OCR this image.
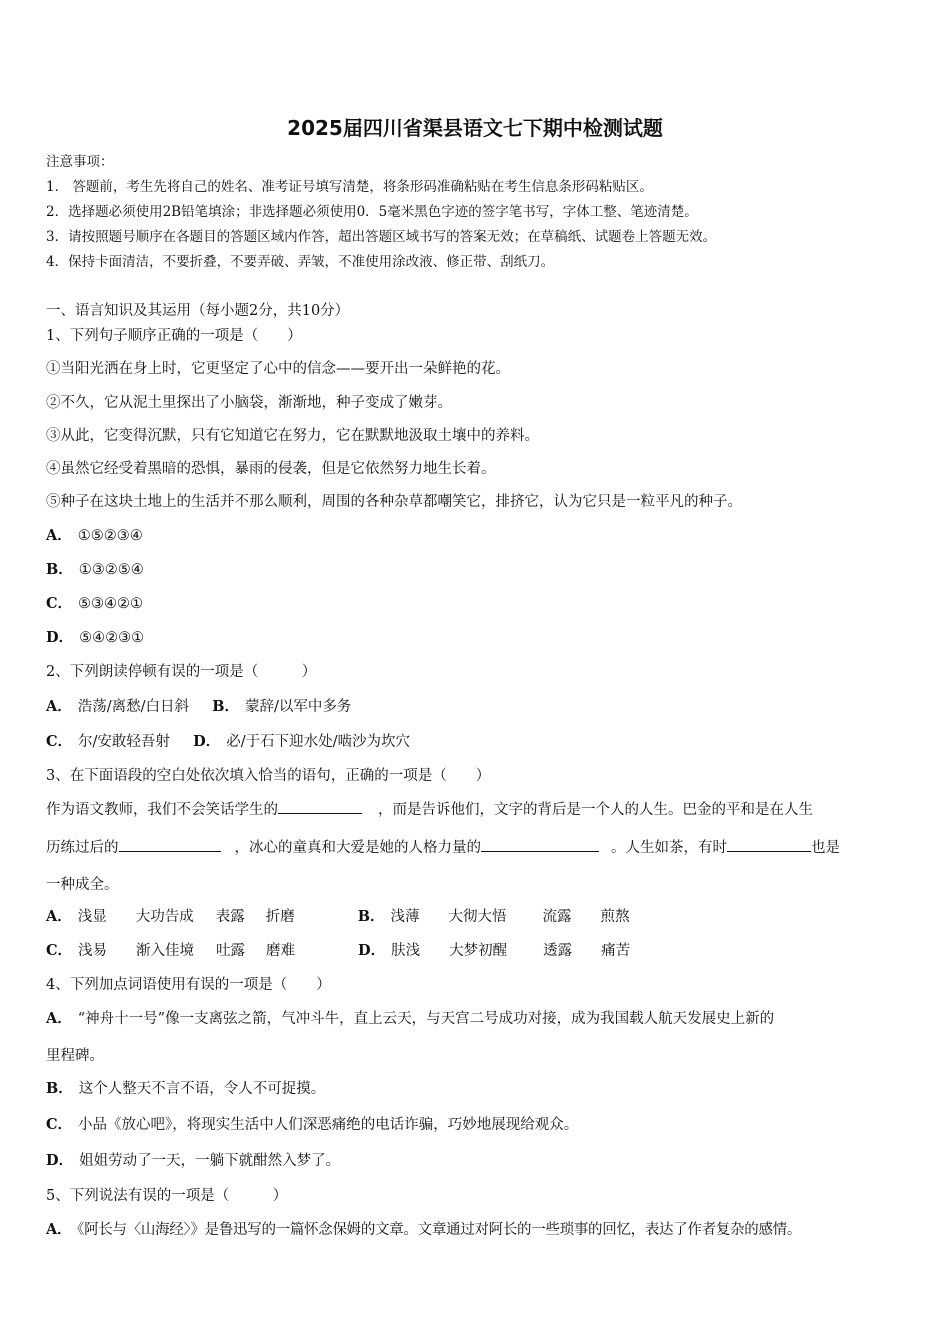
2025届四川省渠县语文七下期中检测试题
注意事项：
1． 答题前，考生先将自己的姓名、准考证号填写清楚，将条形码准确粘贴在考生信息条形码粘贴区。
2．选择题必须使用2B铅笔填涂；非选择题必须使用0．5毫米黑色字迹的签字笔书写，字体工整、笔迹清楚。
3．请按照题号顺序在各题目的答题区域内作答，超出答题区域书写的答案无效；在草稿纸、试题卷上答题无效。
4．保持卡面清洁，不要折叠，不要弄破、弄皱，不准使用涂改液、修正带、刮纸刀。
一、语言知识及其运用（每小题2分，共10分）
1、下列句子顺序正确的一项是（　　）
①当阳光洒在身上时，它更坚定了心中的信念——要开出一朵鲜艳的花。
②不久，它从泥土里探出了小脑袋，渐渐地，种子变成了嫩芽。
③从此，它变得沉默，只有它知道它在努力，它在默默地汲取土壤中的养料。
④虽然它经受着黑暗的恐惧，暴雨的侵袭，但是它依然努力地生长着。
⑤种子在这块土地上的生活并不那么顺利，周围的各种杂草都嘲笑它，排挤它，认为它只是一粒平凡的种子。
A． ①⑤②③④
B． ①③②⑤④
C． ⑤③④②①
D． ⑤④②③①
2、下列朗读停顿有误的一项是（　　　）
A． 浩荡/离愁/白日斜 B． 蒙辞/以军中多务
C． 尔/安敢轻吾射 D． 必/于石下迎水处/啮沙为坎穴
3、在下面语段的空白处依次填入恰当的语句，正确的一项是（　　）
作为语文教师，我们不会笑话学生的	，而是告诉他们，文字的背后是一个人的人生。巴金的平和是在人生
历练过后的	，冰心的童真和大爱是她的人格力量的	。人生如茶，有时	也是
一种成全。
A． 浅显 大功告成 表露 折磨	B． 浅薄 大彻大悟 流露 煎熬
C． 浅易 渐入佳境 吐露 磨难	D． 肤浅 大梦初醒 透露 痛苦
4、下列加点词语使用有误的一项是（　　）
A． “神舟十一号”像一支离弦之箭，气冲斗牛，直上云天，与天宫二号成功对接，成为我国载人航天发展史上新的
里程碑。
B． 这个人整天不言不语，令人不可捉摸。
C． 小品《放心吧》，将现实生活中人们深恶痛绝的电话诈骗，巧妙地展现给观众。
D． 姐姐劳动了一天，一躺下就酣然入梦了。
5、下列说法有误的一项是（　　　）
A． 《阿长与〈山海经〉》是鲁迅写的一篇怀念保姆的文章。文章通过对阿长的一些琐事的回忆，表达了作者复杂的感情。
